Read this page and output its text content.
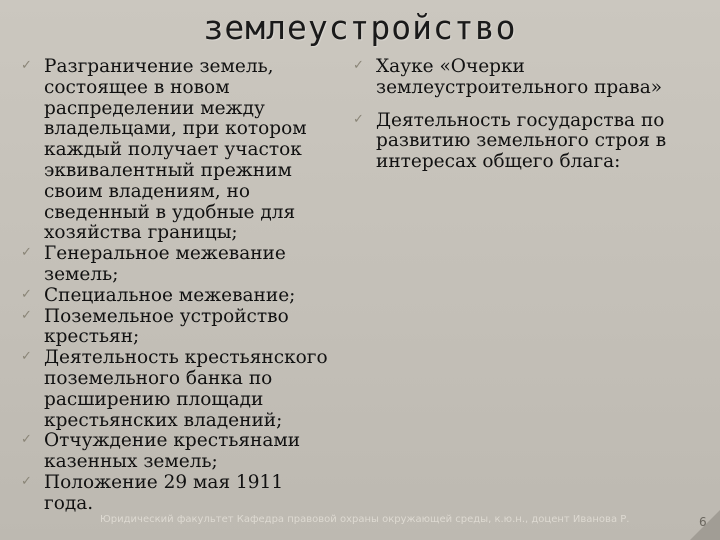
землеустройство
✓ Разграничение земель, состоящее в новом распределении между владельцами, при котором каждый получает участок эквивалентный прежним своим владениям, но сведенный в удобные для хозяйства границы;
✓ Генеральное межевание земель;
✓ Специальное межевание;
✓ Поземельное устройство крестьян;
✓ Деятельность крестьянского поземельного банка по расширению площади крестьянских владений;
✓ Отчуждение крестьянами казенных земель;
✓ Положение 29 мая 1911 года.
✓ Хауке «Очерки землеустроительного права»
✓ Деятельность государства по развитию земельного строя в интересах общего блага:
Юридический факультет Кафедра правовой охраны окружающей среды, к.ю.н., доцент Иванова Р.	6
